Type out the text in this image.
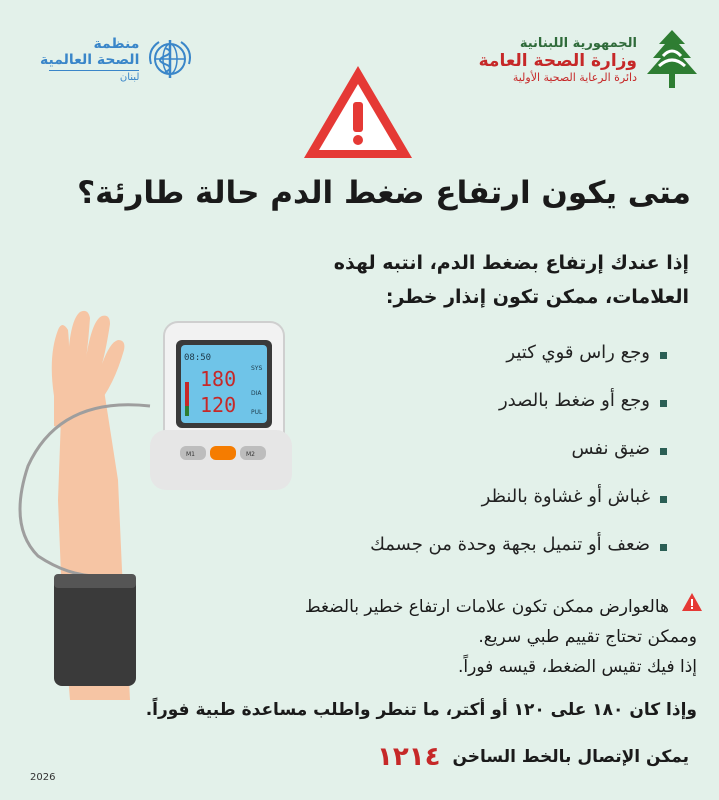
الجمهورية اللبنانية
وزارة الصحة العامة
دائرة الرعاية الصحية الأولية
منظمة
الصحة العالمية
لبنان
متى يكون ارتفاع ضغط الدم حالة طارئة؟
إذا عندك إرتفاع بضغط الدم، انتبه لهذه العلامات، ممكن تكون إنذار خطر:
وجع راس قوي كتير
وجع أو ضغط بالصدر
ضيق نفس
غباش أو غشاوة بالنظر
ضعف أو تنميل بجهة وحدة من جسمك
08:50
180
120
SYS
DIA
PUL
M1	M2
هالعوارض ممكن تكون علامات ارتفاع خطير بالضغط
وممكن تحتاج تقييم طبي سريع.
إذا فيك تقيس الضغط، قيسه فوراً.
وإذا كان ١٨٠ على ١٢٠ أو أكتر، ما تنطر واطلب مساعدة طبية فوراً.
يمكن الإتصال بالخط الساخن
١٢١٤
2026
